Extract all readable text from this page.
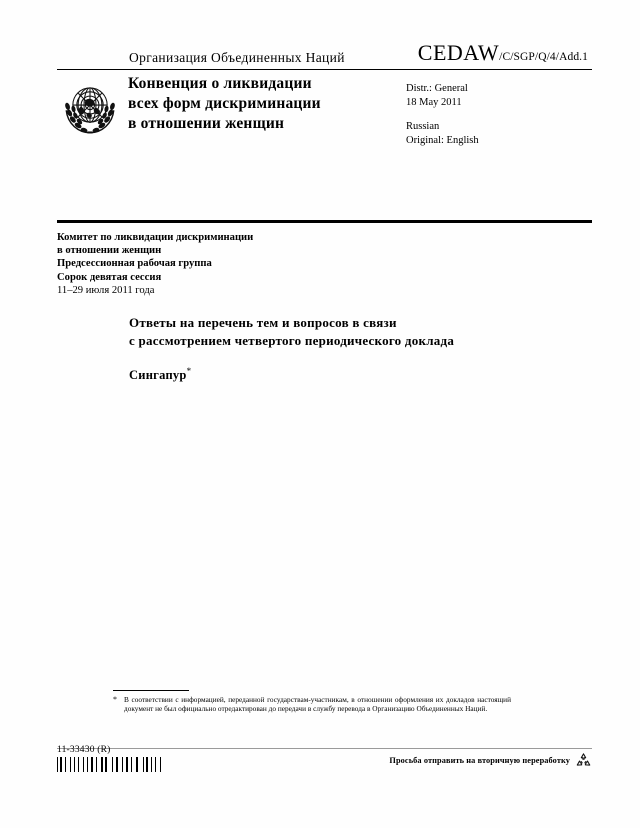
Организация Объединенных Наций	CEDAW /C/SGP/Q/4/Add.1
Конвенция о ликвидации
всех форм дискриминации
в отношении женщин
Distr.: General
18 May 2011
Russian
Original: English
Комитет по ликвидации дискриминации
в отношении женщин
Предсессионная рабочая группа
Сорок девятая сессия
11–29 июля 2011 года
Ответы на перечень тем и вопросов в связи
с рассмотрением четвертого периодического доклада
Сингапур*
* В соответствии с информацией, переданной государствам-участникам, в отношении оформления их докладов настоящий документ не был официально отредактирован до передачи в службу перевода в Организацию Объединенных Наций.
11-33430 (R)
Просьба отправить на вторичную переработку
